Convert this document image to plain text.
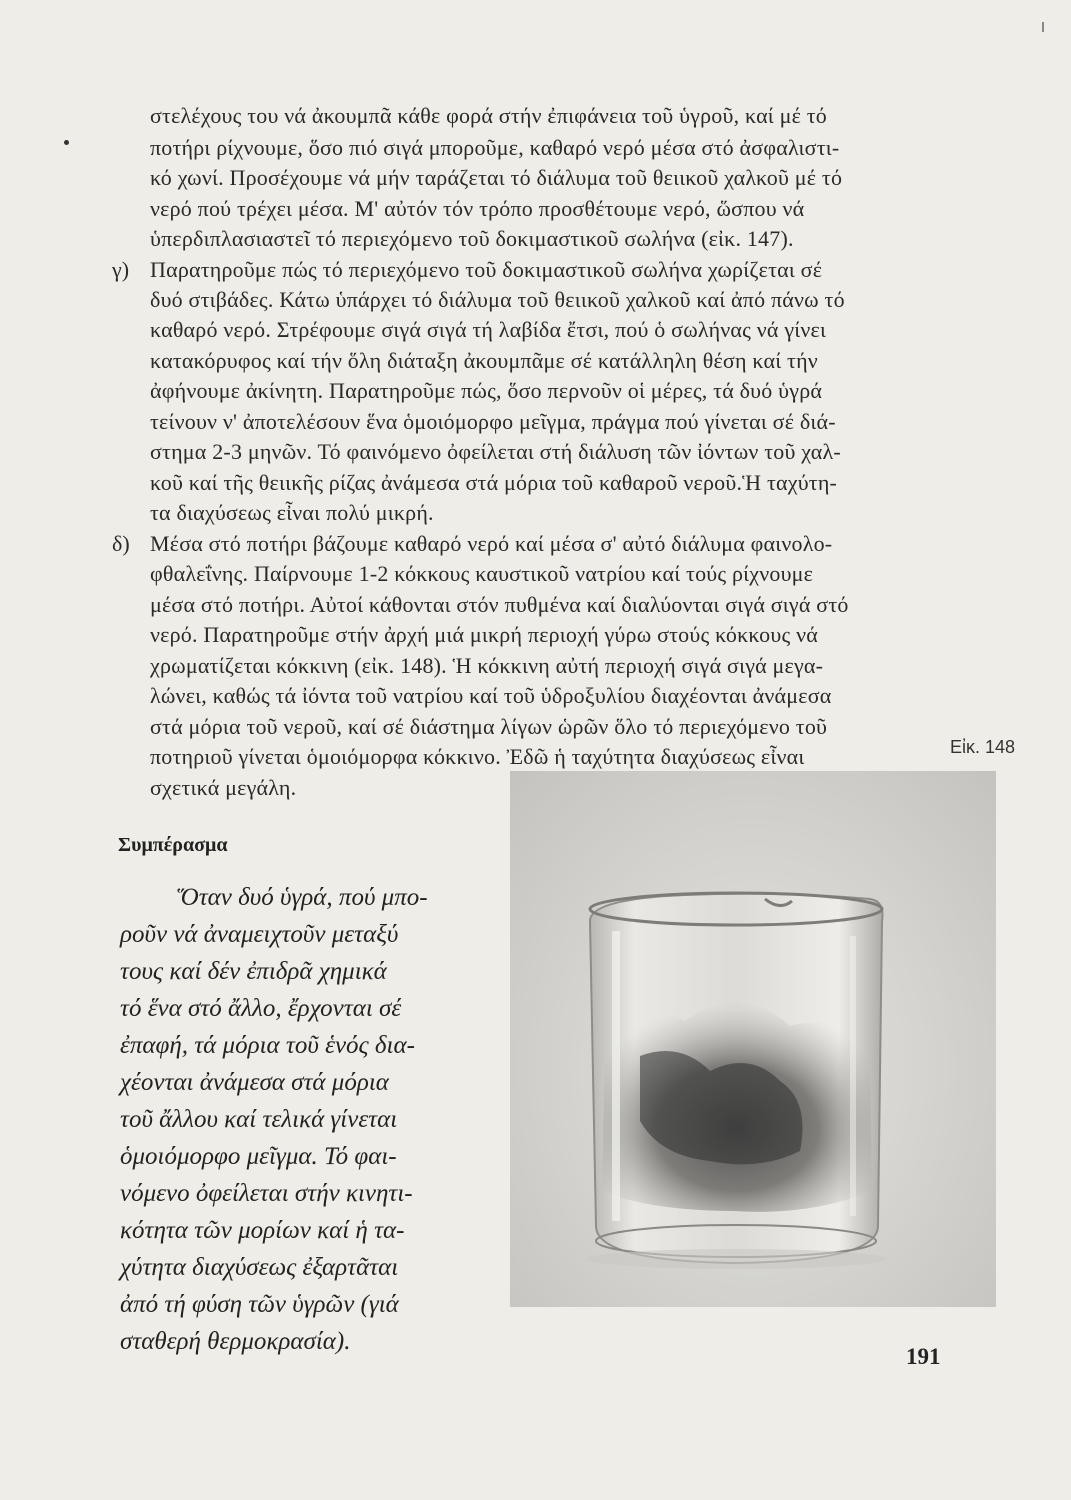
στελέχους του νά ἀκουμπᾶ κάθε φορά στήν ἐπιφάνεια τοῦ ὑγροῦ, καί μέ τό
ποτήρι ρίχνουμε, ὅσο πιό σιγά μποροῦμε, καθαρό νερό μέσα στό ἀσφαλιστι-
κό χωνί. Προσέχουμε νά μήν ταράζεται τό διάλυμα τοῦ θειικοῦ χαλκοῦ μέ τό
νερό πού τρέχει μέσα. Μ' αὐτόν τόν τρόπο προσθέτουμε νερό, ὥσπου νά
ὑπερδιπλασιαστεῖ τό περιεχόμενο τοῦ δοκιμαστικοῦ σωλήνα (εἰκ. 147).
γ) Παρατηροῦμε πώς τό περιεχόμενο τοῦ δοκιμαστικοῦ σωλήνα χωρίζεται σέ
δυό στιβάδες. Κάτω ὑπάρχει τό διάλυμα τοῦ θειικοῦ χαλκοῦ καί ἀπό πάνω τό
καθαρό νερό. Στρέφουμε σιγά σιγά τή λαβίδα ἔτσι, πού ὁ σωλήνας νά γίνει
κατακόρυφος καί τήν ὅλη διάταξη ἀκουμπᾶμε σέ κατάλληλη θέση καί τήν
ἀφήνουμε ἀκίνητη. Παρατηροῦμε πώς, ὅσο περνοῦν οἱ μέρες, τά δυό ὑγρά
τείνουν ν' ἀποτελέσουν ἕνα ὁμοιόμορφο μεῖγμα, πράγμα πού γίνεται σέ διά-
στημα 2-3 μηνῶν. Τό φαινόμενο ὀφείλεται στή διάλυση τῶν ἰόντων τοῦ χαλ-
κοῦ καί τῆς θειικῆς ρίζας ἀνάμεσα στά μόρια τοῦ καθαροῦ νεροῦ.Ἡ ταχύτη-
τα διαχύσεως εἶναι πολύ μικρή.
δ) Μέσα στό ποτήρι βάζουμε καθαρό νερό καί μέσα σ' αὐτό διάλυμα φαινολο-
φθαλεΐνης. Παίρνουμε 1-2 κόκκους καυστικοῦ νατρίου καί τούς ρίχνουμε
μέσα στό ποτήρι. Αὐτοί κάθονται στόν πυθμένα καί διαλύονται σιγά σιγά στό
νερό. Παρατηροῦμε στήν ἀρχή μιά μικρή περιοχή γύρω στούς κόκκους νά
χρωματίζεται κόκκινη (εἰκ. 148). Ἡ κόκκινη αὐτή περιοχή σιγά σιγά μεγα-
λώνει, καθώς τά ἰόντα τοῦ νατρίου καί τοῦ ὑδροξυλίου διαχέονται ἀνάμεσα
στά μόρια τοῦ νεροῦ, καί σέ διάστημα λίγων ὡρῶν ὅλο τό περιεχόμενο τοῦ
ποτηριοῦ γίνεται ὁμοιόμορφα κόκκινο. Ἐδῶ ἡ ταχύτητα διαχύσεως εἶναι
σχετικά μεγάλη.
Εἰκ. 148
Συμπέρασμα
Ὅταν δυό ὑγρά, πού μπο-
ροῦν νά ἀναμειχτοῦν μεταξύ
τους καί δέν ἐπιδρᾶ χημικά
τό ἕνα στό ἄλλο, ἔρχονται σέ
ἐπαφή, τά μόρια τοῦ ἑνός δια-
χέονται ἀνάμεσα στά μόρια
τοῦ ἄλλου καί τελικά γίνεται
ὁμοιόμορφο μεῖγμα. Τό φαι-
νόμενο ὀφείλεται στήν κινητι-
κότητα τῶν μορίων καί ἡ τα-
χύτητα διαχύσεως ἐξαρτᾶται
ἀπό τή φύση τῶν ὑγρῶν (γιά
σταθερή θερμοκρασία).
191
